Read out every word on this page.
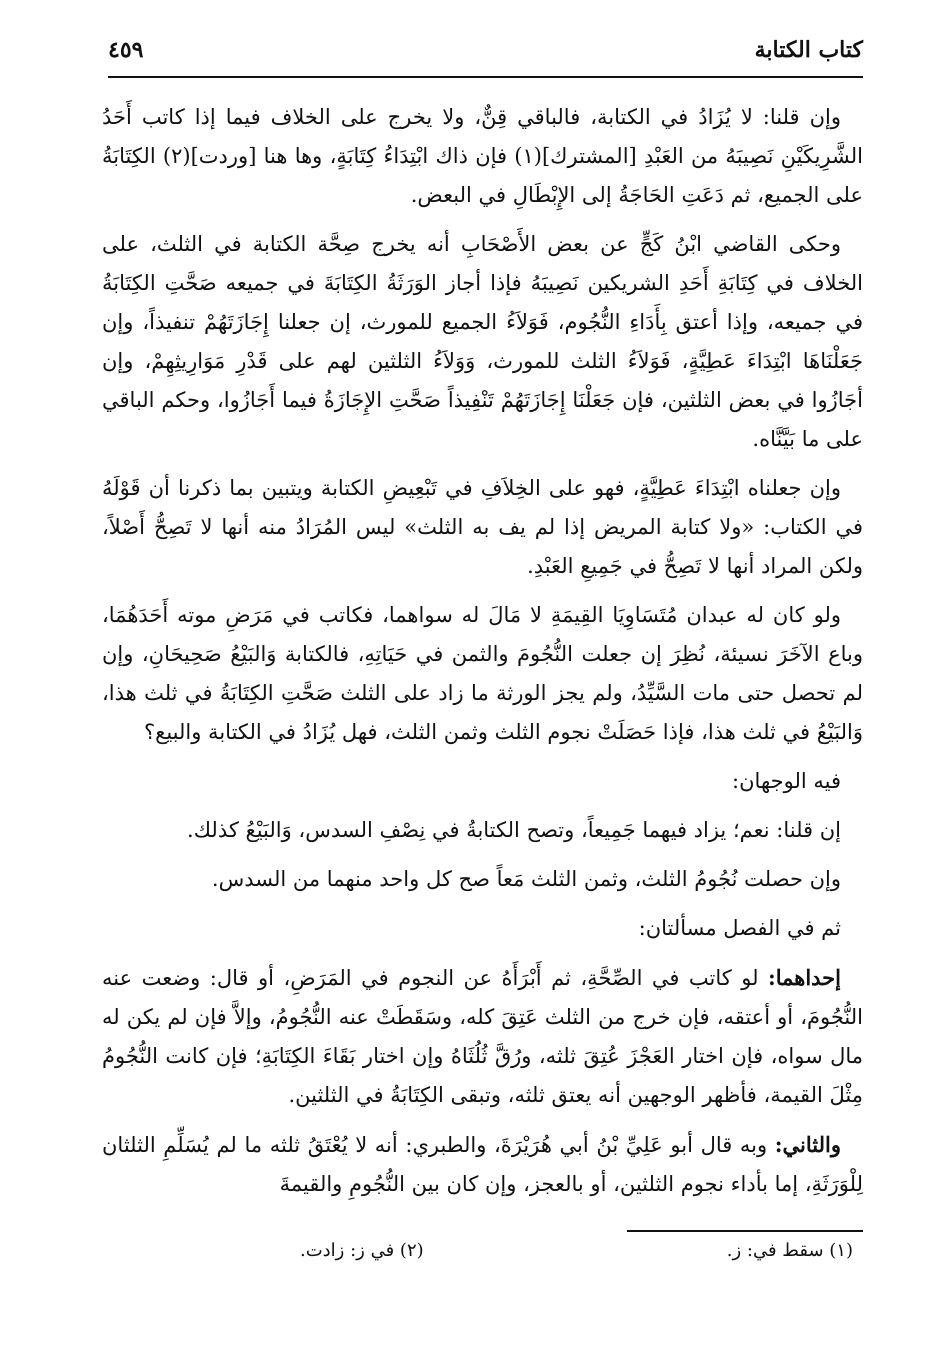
كتاب الكتابة
٤٥٩

وإن قلنا: لا يُزَادُ في الكتابة، فالباقي قِنٌّ، ولا يخرج على الخلاف فيما إذا كاتب أَحَدُ الشَّرِيكَيْنِ نَصِيبَهُ من العَبْدِ [المشترك](١) فإن ذاك ابْتِدَاءُ كِتَابَةٍ، وها هنا [وردت](٢) الكِتَابَةُ على الجميع، ثم دَعَتِ الحَاجَةُ إلى الإِبْطَالِ في البعض.

وحكى القاضي ابْنُ كَجٍّ عن بعض الأَصْحَابِ أنه يخرج صِحَّة الكتابة في الثلث، على الخلاف في كِتَابَةِ أَحَدِ الشريكين نَصِيبَهُ فإذا أجاز الوَرَثَةُ الكِتَابَةَ في جميعه صَحَّتِ الكِتَابَةُ في جميعه، وإذا أعتق بِأَدَاءِ النُّجُوم، فَوَلاَءُ الجميع للمورث، إن جعلنا إِجَازَتَهُمْ تنفيذاً، وإن جَعَلْنَاهَا ابْتِدَاءَ عَطِيَّةٍ، فَوَلاَءُ الثلث للمورث، وَوَلاَءُ الثلثين لهم على قَدْرِ مَوَارِيثِهِمْ، وإن أجَازُوا في بعض الثلثين، فإن جَعَلْنَا إِجَازَتَهُمْ تَنْفِيذاً صَحَّتِ الإِجَازَةُ فيما أَجَازُوا، وحكم الباقي على ما بَيَّنَّاه.

وإن جعلناه ابْتِدَاءَ عَطِيَّةٍ، فهو على الخِلاَفِ في تَبْعِيضِ الكتابة ويتبين بما ذكرنا أن قَوْلَهُ في الكتاب: «ولا كتابة المريض إذا لم يف به الثلث» ليس المُرَادُ منه أنها لا تَصِحُّ أَصْلاً، ولكن المراد أنها لا تَصِحُّ في جَمِيعِ العَبْدِ.

ولو كان له عبدان مُتَسَاوِيَا القِيمَةِ لا مَالَ له سواهما، فكاتب في مَرَضِ موته أَحَدَهُمَا، وباع الآخَرَ نسيئة، نُظِرَ إن جعلت النُّجُومَ والثمن في حَيَاتِهِ، فالكتابة وَالبَيْعُ صَحِيحَانِ، وإن لم تحصل حتى مات السَّيِّدُ، ولم يجز الورثة ما زاد على الثلث صَحَّتِ الكِتَابَةُ في ثلث هذا، وَالبَيْعُ في ثلث هذا، فإذا حَصَلَتْ نجوم الثلث وثمن الثلث، فهل يُزَادُ في الكتابة والبيع؟

فيه الوجهان:

إن قلنا: نعم؛ يزاد فيهما جَمِيعاً، وتصح الكتابةُ في نِصْفِ السدس، وَالبَيْعُ كذلك.

وإن حصلت نُجُومُ الثلث، وثمن الثلث مَعاً صح كل واحد منهما من السدس.

ثم في الفصل مسألتان:

إحداهما: لو كاتب في الصِّحَّةِ، ثم أَبْرَأَهُ عن النجوم في المَرَضِ، أو قال: وضعت عنه النُّجُومَ، أو أعتقه، فإن خرج من الثلث عَتِقَ كله، وسَقَطَتْ عنه النُّجُومُ، وإلاَّ فإن لم يكن له مال سواه، فإن اختار العَجْزَ عُتِقَ ثلثه، ورُقَّ ثُلُثَاهُ وإن اختار بَقَاءَ الكِتَابَةِ؛ فإن كانت النُّجُومُ مِثْلَ القيمة، فأظهر الوجهين أنه يعتق ثلثه، وتبقى الكِتَابَةُ في الثلثين.

والثاني: وبه قال أبو عَلِيِّ بْنُ أبي هُرَيْرَةَ، والطبري: أنه لا يُعْتَقُ ثلثه ما لم يُسَلِّمِ الثلثان لِلْوَرَثَةِ، إما بأداء نجوم الثلثين، أو بالعجز، وإن كان بين النُّجُومِ والقيمةَ

(١) سقط في: ز.
(٢) في ز: زادت.
